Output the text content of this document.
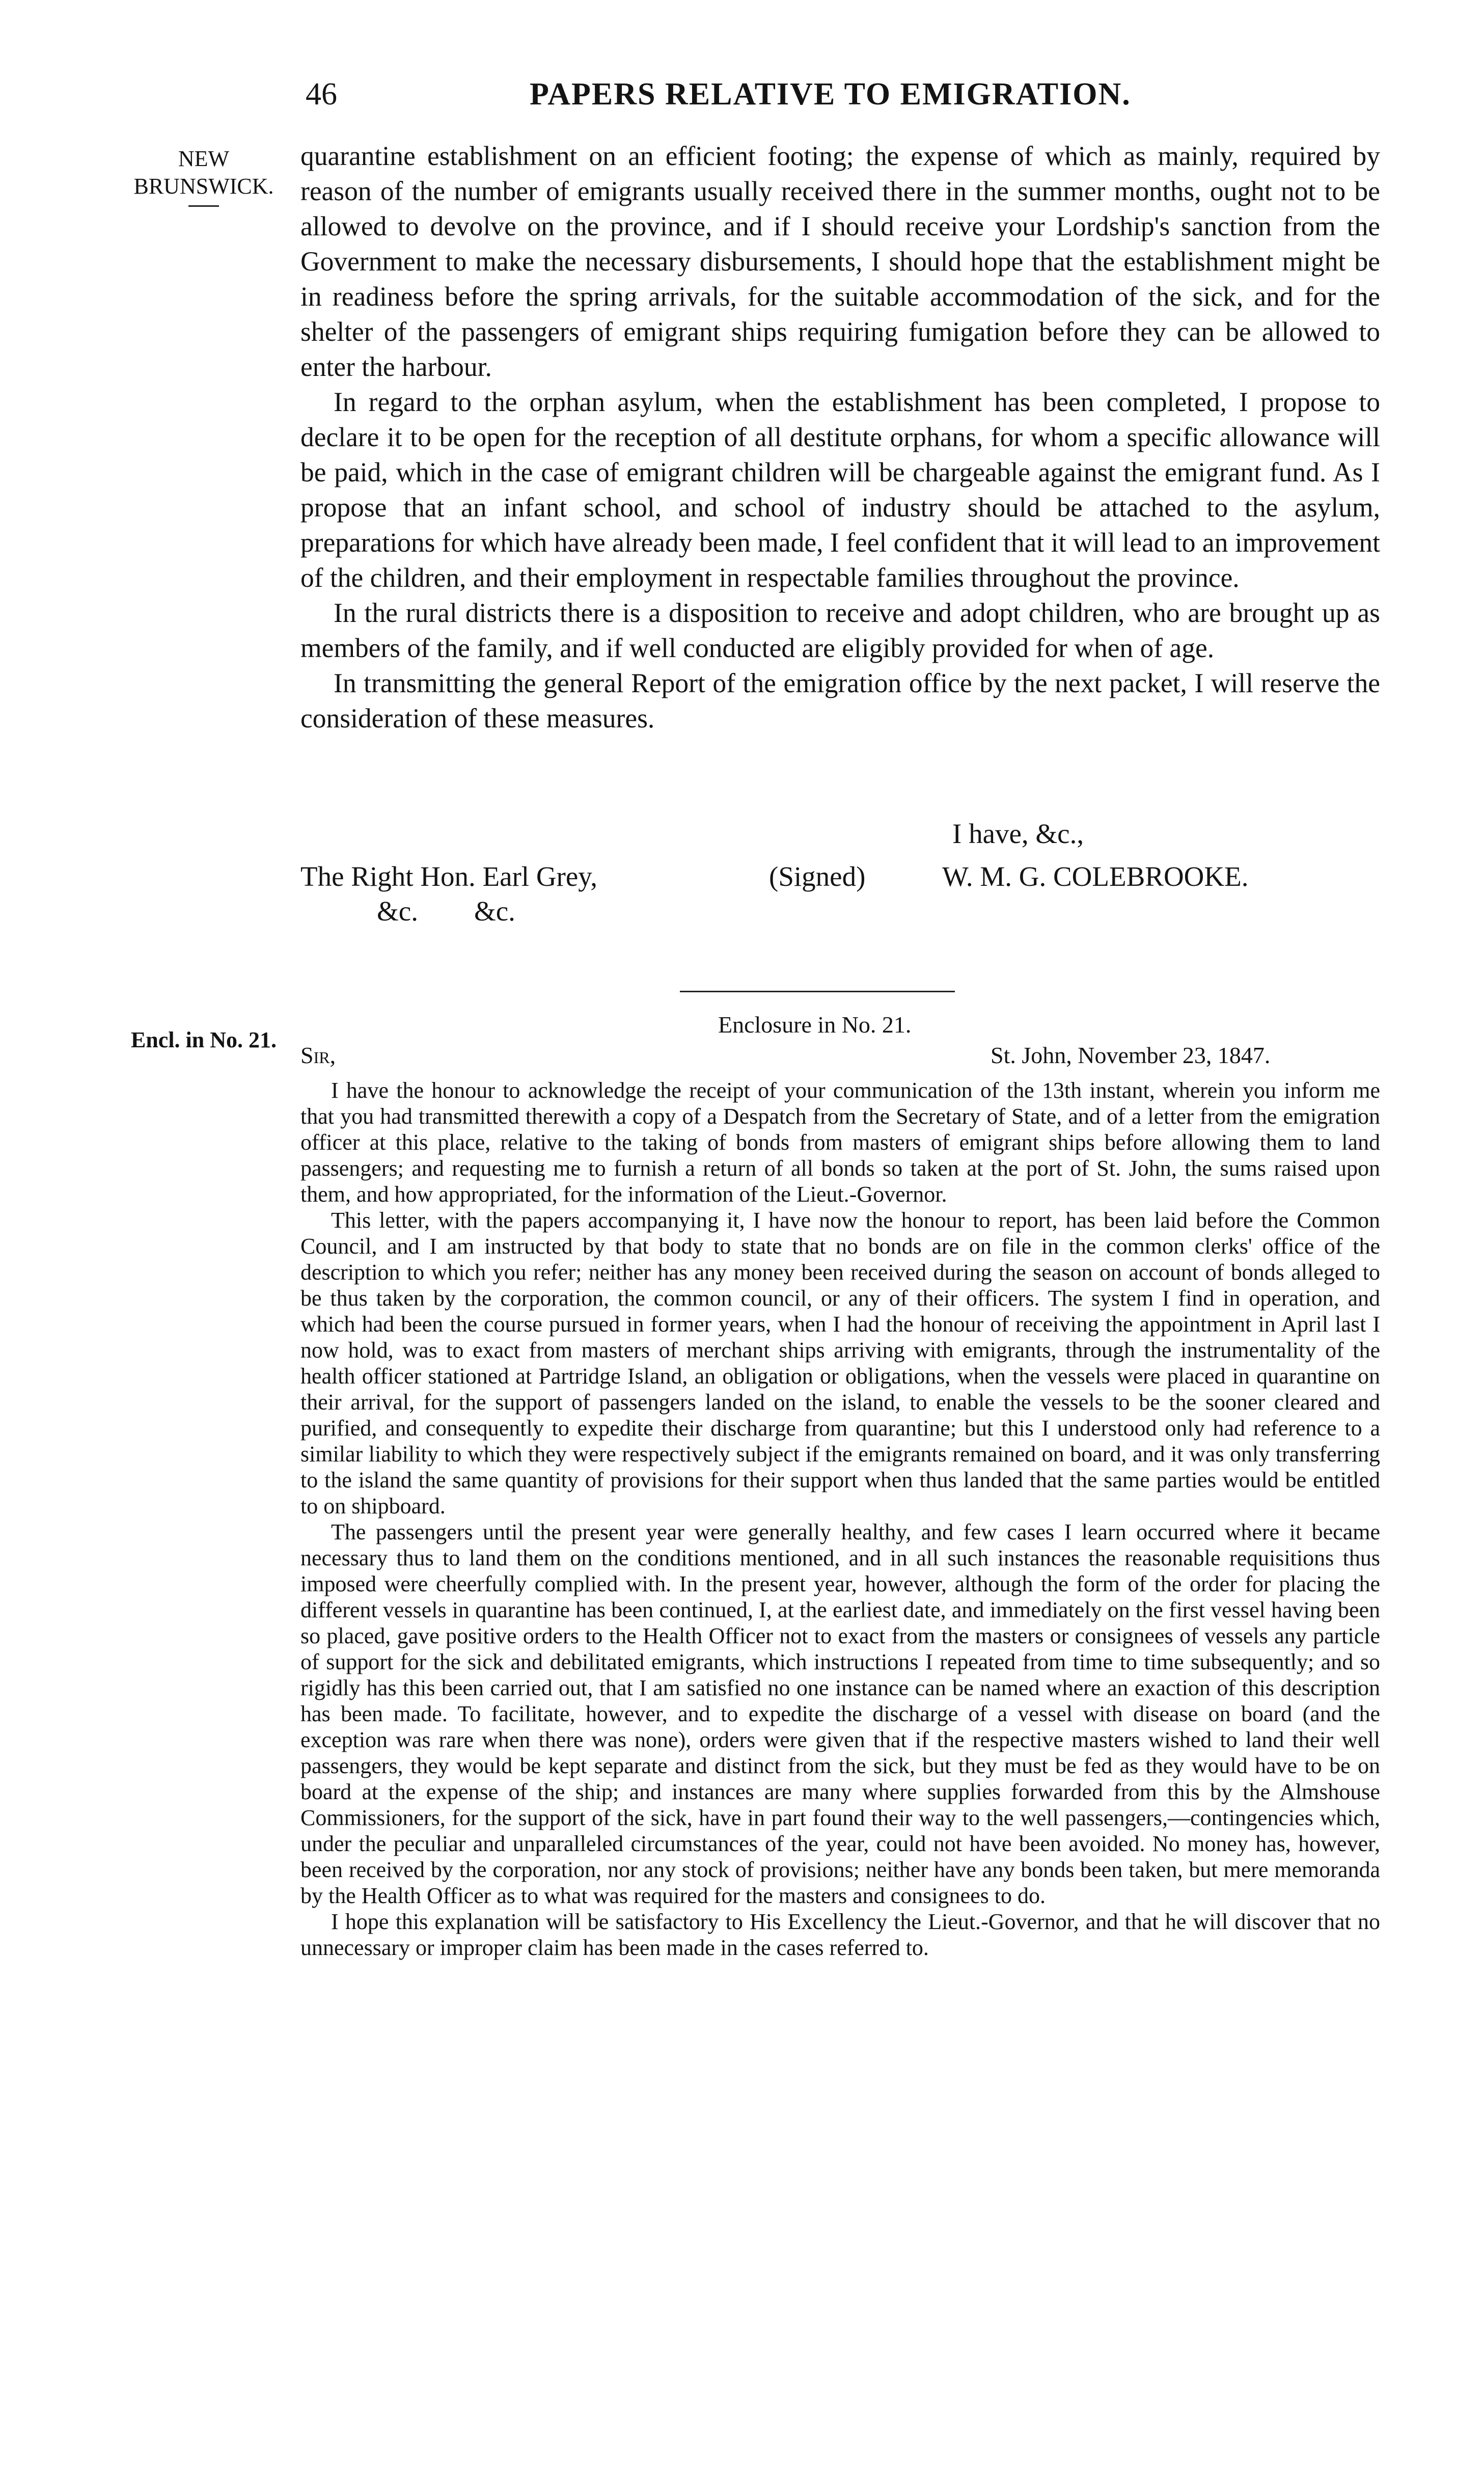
46	PAPERS RELATIVE TO EMIGRATION.
NEW
BRUNSWICK.

quarantine establishment on an efficient footing; the expense of which as mainly, required by reason of the number of emigrants usually received there in the summer months, ought not to be allowed to devolve on the province, and if I should receive your Lordship's sanction from the Government to make the necessary disbursements, I should hope that the establishment might be in readiness before the spring arrivals, for the suitable accommodation of the sick, and for the shelter of the passengers of emigrant ships requiring fumigation before they can be allowed to enter the harbour.

In regard to the orphan asylum, when the establishment has been completed, I propose to declare it to be open for the reception of all destitute orphans, for whom a specific allowance will be paid, which in the case of emigrant children will be chargeable against the emigrant fund. As I propose that an infant school, and school of industry should be attached to the asylum, preparations for which have already been made, I feel confident that it will lead to an improvement of the children, and their employment in respectable families throughout the province.

In the rural districts there is a disposition to receive and adopt children, who are brought up as members of the family, and if well conducted are eligibly provided for when of age.

In transmitting the general Report of the emigration office by the next packet, I will reserve the consideration of these measures.

I have, &c.,
The Right Hon. Earl Grey,	(Signed)	W. M. G. COLEBROOKE.
&c.        &c.
Encl. in No. 21.
Enclosure in No. 21.
Sir,	St. John, November 23, 1847.

I have the honour to acknowledge the receipt of your communication of the 13th instant, wherein you inform me that you had transmitted therewith a copy of a Despatch from the Secretary of State, and of a letter from the emigration officer at this place, relative to the taking of bonds from masters of emigrant ships before allowing them to land passengers; and requesting me to furnish a return of all bonds so taken at the port of St. John, the sums raised upon them, and how appropriated, for the information of the Lieut.-Governor.

This letter, with the papers accompanying it, I have now the honour to report, has been laid before the Common Council, and I am instructed by that body to state that no bonds are on file in the common clerks' office of the description to which you refer; neither has any money been received during the season on account of bonds alleged to be thus taken by the corporation, the common council, or any of their officers. The system I find in operation, and which had been the course pursued in former years, when I had the honour of receiving the appointment in April last I now hold, was to exact from masters of merchant ships arriving with emigrants, through the instrumentality of the health officer stationed at Partridge Island, an obligation or obligations, when the vessels were placed in quarantine on their arrival, for the support of passengers landed on the island, to enable the vessels to be the sooner cleared and purified, and consequently to expedite their discharge from quarantine; but this I understood only had reference to a similar liability to which they were respectively subject if the emigrants remained on board, and it was only transferring to the island the same quantity of provisions for their support when thus landed that the same parties would be entitled to on shipboard.

The passengers until the present year were generally healthy, and few cases I learn occurred where it became necessary thus to land them on the conditions mentioned, and in all such instances the reasonable requisitions thus imposed were cheerfully complied with. In the present year, however, although the form of the order for placing the different vessels in quarantine has been continued, I, at the earliest date, and immediately on the first vessel having been so placed, gave positive orders to the Health Officer not to exact from the masters or consignees of vessels any particle of support for the sick and debilitated emigrants, which instructions I repeated from time to time subsequently; and so rigidly has this been carried out, that I am satisfied no one instance can be named where an exaction of this description has been made. To facilitate, however, and to expedite the discharge of a vessel with disease on board (and the exception was rare when there was none), orders were given that if the respective masters wished to land their well passengers, they would be kept separate and distinct from the sick, but they must be fed as they would have to be on board at the expense of the ship; and instances are many where supplies forwarded from this by the Almshouse Commissioners, for the support of the sick, have in part found their way to the well passengers,—contingencies which, under the peculiar and unparalleled circumstances of the year, could not have been avoided. No money has, however, been received by the corporation, nor any stock of provisions; neither have any bonds been taken, but mere memoranda by the Health Officer as to what was required for the masters and consignees to do.

I hope this explanation will be satisfactory to His Excellency the Lieut.-Governor, and that he will discover that no unnecessary or improper claim has been made in the cases referred to.
